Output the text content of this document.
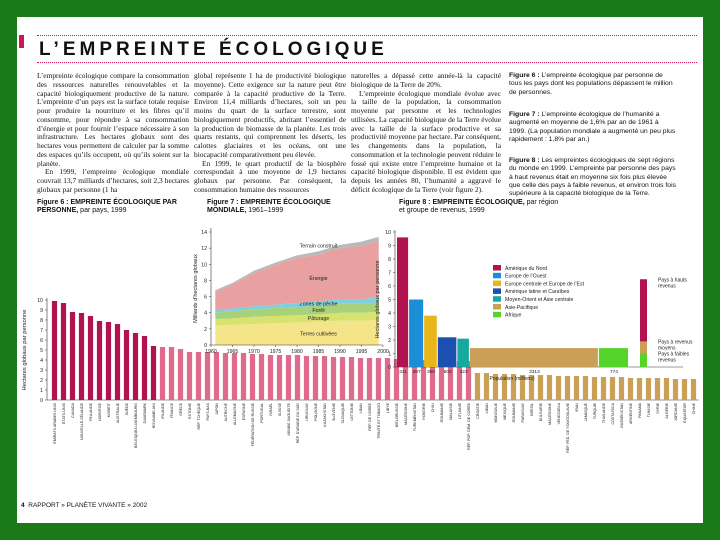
L’EMPREINTE ÉCOLOGIQUE

L’empreinte écologique compare la consommation des ressources naturelles renouvelables et la capacité biologiquement productive de la nature. L’empreinte d’un pays est la surface totale requise pour produire la nourriture et les fibres qu’il consomme, pour répondre à sa consommation d’énergie et pour fournir l’espace nécessaire à son infrastructure. Les hectares globaux sont des hectares vous permettent de calculer par la somme des espaces qu’ils occupent, où qu’ils soient sur la planète.

En 1999, l’empreinte écologique mondiale couvrait 13,7 milliards d’hectares, soit 2,3 hectares globaux par personne (1 ha

global représente 1 ha de productivité biologique moyenne). Cette exigence sur la nature peut être comparée à la capacité productive de la Terre. Environ 11,4 milliards d’hectares, soit un peu moins du quart de la surface terrestre, sont biologiquement productifs, abritant l’essentiel de la production de biomasse de la planète. Les trois quarts restants, qui comprennent les déserts, les calottes glaciaires et les océans, ont une biocapacité comparativement peu élevée.

En 1999, le quart productif de la biosphère correspondait à une moyenne de 1,9 hectares globaux par personne. Par conséquent, la consommation humaine des ressources

naturelles a dépassé cette année-là la capacité biologique de la Terre de 20%.

L’empreinte écologique mondiale évolue avec la taille de la population, la consommation moyenne par personne et les technologies utilisées. La capacité biologique de la Terre évolue avec la taille de la surface productive et sa productivité moyenne par hectare. Par conséquent, les changements dans la population, la consommation et la technologie peuvent réduire le fossé qui existe entre l’empreinte humaine et la capacité biologique disponible. Il est évident que depuis les années 80, l’humanité a aggravé le déficit écologique de la Terre (voir figure 2).

Figure 6 : L’empreinte écologique par personne de tous les pays dont les populations dépassent le million de personnes.
Figure 7 : L’empreinte écologique de l’humanité a augmenté en moyenne de 1,6% par an de 1961 à 1999. (La population mondiale a augmenté un peu plus rapidement : 1,8% par an.)
Figure 8 : Les empreintes écologiques de sept régions du monde en 1999. L’empreinte par personne des pays à haut revenus était en moyenne six fois plus élevée que celle des pays à faible revenus, et environ trois fois supérieure à la capacité biologique de la Terre.
Figure 6 : EMPREINTE ÉCOLOGIQUE PAR PERSONNE, par pays, 1999
Figure 7 : EMPREINTE ÉCOLOGIQUE MONDIALE, 1961–1999
Figure 8 : EMPREINTE ÉCOLOGIQUE, par région
et groupe de revenus, 1999
0
1
2
3
4
5
6
7
8
9
10
Hectares globaux par personne
ÉMIRATS ARABES UNIS ÉTATS-UNIS CANADA NOUVELLE-ZÉLANDE FINLANDE NORVÈGE KOWEÏT AUSTRALIE SUÈDE BELGIQUE/LUXEMBOURG DANEMARK ROYAUME-UNI IRLANDE FRANCE GRÈCE ESTONIE RÉP. TCHÈQUE PAYS-BAS JAPON AUTRICHE ALLEMAGNE ESPAGNE FÉDÉRATION DE RUSSIE PORTUGAL ISRAËL SUISSE ARABIE SAOUDITE RÉP. D'ARABIE DU SUD URUGUAY POLOGNE KAZAKHSTAN SLOVÉNIE SLOVAQUIE LETTONIE LIBAN RÉP. DE CORÉE TRINITÉ ET TOBAGO LIBYE BIÉLORUSSIE MACÉDOINE TURKMÉNISTAN HONGRIE CHILI ROUMANIE MALAISIE LITUANIE RÉP. POP. DÉM. DE CORÉE CROATIE LIBAN MONGOLIE MEXIQUE ROUMANIE PARAGUAY BRÉSIL BULGARIE MACÉDOINE VENEZUELA RÉP. FÉD. DE YOUGOSLAVIE IRAN JAMAÏQUE TURQUIE THAÏLANDE COSTA RICA OUZBÉKISTAN ARGENTINE PANAMA TUNISIE SYRIE ALGÉRIE JORDANIE ÉQUATEUR CHINE
Terres cultivées
Pâturage
Forêt
Zones de pêche
Énergie
Terrain construit
0
2
4
6
8
10
12
14
1960 1965 1970 1975 1980 1985 1990 1995 2000
Milliards d'hectares globaux
0
1
2
3
4
5
6
7
8
9
10
Hectares globaux par personne
311 387 350 503 323	3313	774
Population (millions)
Amérique du Nord
Europe de l’Ouest
Europe centrale et Europe de l’Est
Amérique latine et Caraïbes
Moyen-Orient et Asie centrale
Asie-Pacifique
Afrique
Pays à hauts
revenus
Pays à revenus
moyens
Pays à faibles
revenus
4 RAPPORT » PLANÈTE VIVANTE » 2002
